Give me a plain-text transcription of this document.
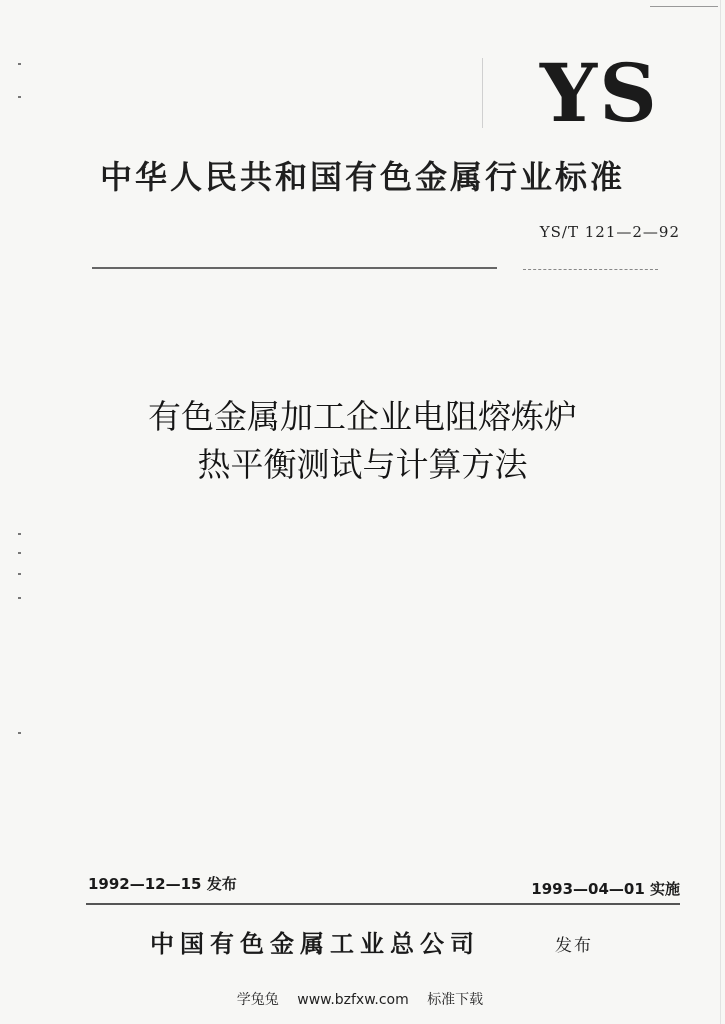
YS
中华人民共和国有色金属行业标准
YS/T 121—2—92
有色金属加工企业电阻熔炼炉
热平衡测试与计算方法
1992—12—15 发布	1993—04—01 实施
中国有色金属工业总公司	发布
学兔兔 www.bzfxw.com 标准下载
